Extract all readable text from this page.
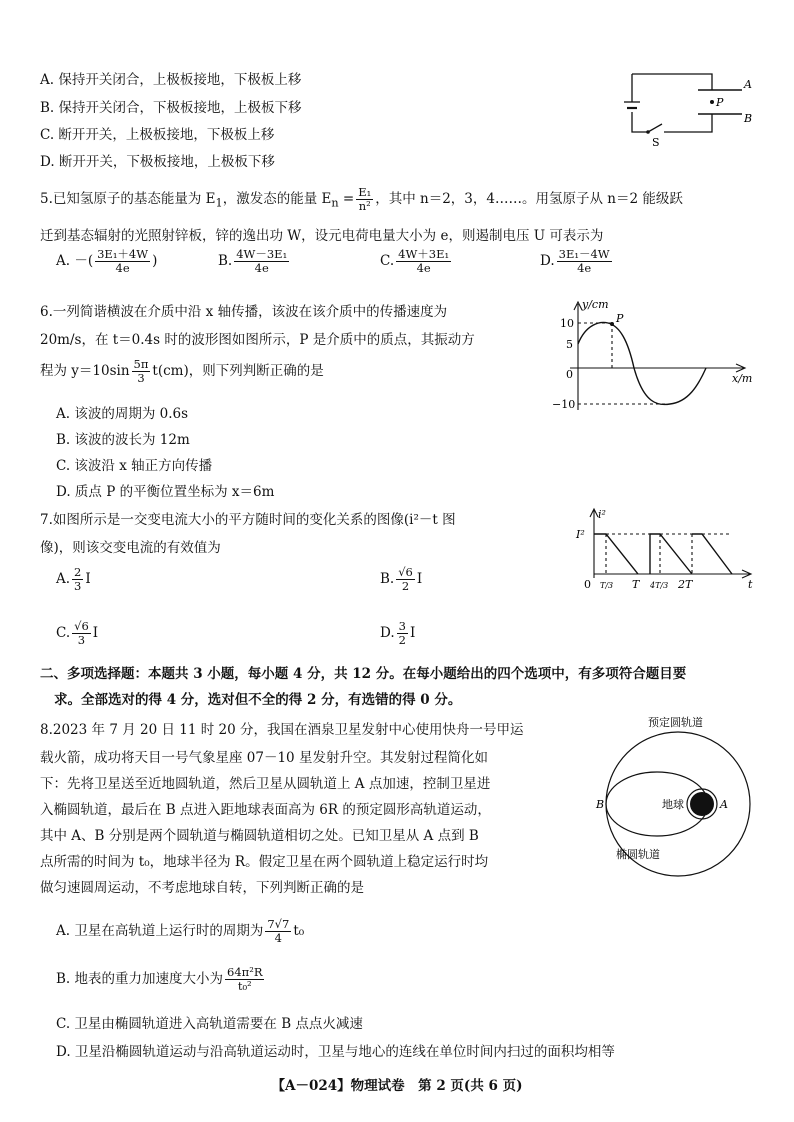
A. 保持开关闭合，上极板接地，下极板上移
B. 保持开关闭合，下极板接地，上极板下移
C. 断开开关，上极板接地，下极板上移
D. 断开开关，下极板接地，上极板下移
A
B
P
S
5.已知氢原子的基态能量为 $E_1$，激发态的能量 $E_n = \frac{\text{E₁}}{\text{n²}}$ ，其中 n＝2，3，4……。用氢原子从 n＝2 能级跃
迁到基态辐射的光照射锌板，锌的逸出功 W，设元电荷电量大小为 e，则遏制电压 U 可表示为
A. －( $\frac{\text{3E₁＋4W}}{4e}$ )	B. $\frac{\text{4W－3E₁}}{4e}$	C. $\frac{\text{4W＋3E₁}}{4e}$	D. $\frac{\text{3E₁－4W}}{4e}$
6.一列简谐横波在介质中沿 x 轴传播，该波在该介质中的传播速度为
20m/s，在 t＝0.4s 时的波形图如图所示，P 是介质中的质点，其振动方
程为 $y=10\sin \frac{5\pi}{3} t(cm)$，则下列判断正确的是
A. 该波的周期为 0.6s
B. 该波的波长为 12m
C. 该波沿 x 轴正方向传播
D. 质点 P 的平衡位置坐标为 x＝6m
y/cm
x/m
10
5
0
−10
P
7.如图所示是一交变电流大小的平方随时间的变化关系的图像(i²－t 图
像)，则该交变电流的有效值为
A. $\frac{2}{3}$ I	B. $\frac{√6}{2}$ I
C. $\frac{√6}{3}$ I	D. $\frac{3}{2}$ I
i²
I²
0	t
T/3 T 4T/3 2T
二、多项选择题：本题共 3 小题，每小题 4 分，共 12 分。在每小题给出的四个选项中，有多项符合题目要
求。全部选对的得 4 分，选对但不全的得 2 分，有选错的得 0 分。
8.2023 年 7 月 20 日 11 时 20 分，我国在酒泉卫星发射中心使用快舟一号甲运
载火箭，成功将天目一号气象星座 07－10 星发射升空。其发射过程简化如
下：先将卫星送至近地圆轨道，然后卫星从圆轨道上 A 点加速，控制卫星进
入椭圆轨道，最后在 B 点进入距地球表面高为 6R 的预定圆形高轨道运动，
其中 A、B 分别是两个圆轨道与椭圆轨道相切之处。已知卫星从 A 点到 B
点所需的时间为 t₀，地球半径为 R。假定卫星在两个圆轨道上稳定运行时均
做匀速圆周运动，不考虑地球自转，下列判断正确的是
A. 卫星在高轨道上运行时的周期为 $\frac{7√7}{4} t_0$
B. 地表的重力加速度大小为 $\frac{\text{64π²R}}{\text{t₀²}}$
C. 卫星由椭圆轨道进入高轨道需要在 B 点点火减速
D. 卫星沿椭圆轨道运动与沿高轨道运动时，卫星与地心的连线在单位时间内扫过的面积均相等
预定圆轨道
地球
椭圆轨道
A
B
【A－024】物理试卷　第 2 页(共 6 页)
